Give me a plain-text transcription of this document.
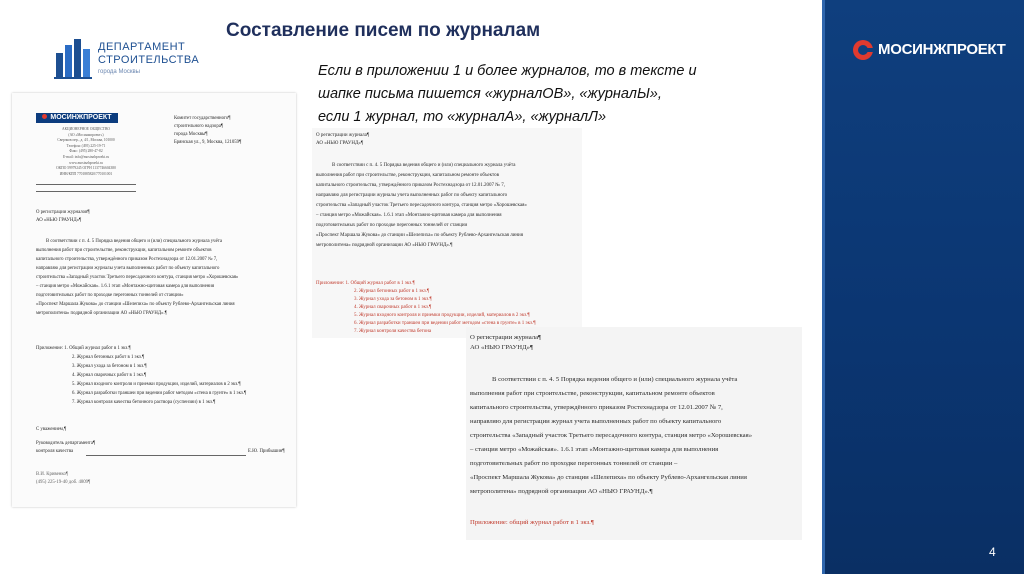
Составление писем по журналам
ДЕПАРТАМЕНТ
СТРОИТЕЛЬСТВА
города Москвы
МОСИНЖПРОЕКТ
4
Если в приложении 1 и более журналов, то в тексте и
шапке письма пишется «журналОВ», «журналЫ»,
если 1 журнал, то «журналА», «журналЛ»
МОСИНЖПРОЕКТ
АКЦИОНЕРНОЕ ОБЩЕСТВО
(АО «Мосинжпроект»)
Сверчков пер., д. 4/1, Москва, 101000
Телефон: (495) 225-19-71
Факс: (495) 280-47-82
E-mail: info@mosinzhproekt.ru
www.mosinzhproekt.ru
ОКПО 59979245 ОГРН 1137746604380
ИНН/КПП 7701885820/770101001
Комитет государственного¶
строительного надзора¶
города Москвы¶
Брянская ул., 9, Москва, 121059¶
О регистрации журналов¶
АО «НЬЮ ГРАУНД»¶
В соответствии с п. 4. 5 Порядка ведения общего и (или) специального журнала учёта
выполнения работ при строительстве, реконструкции, капитальном ремонте объектов
капитального строительства, утверждённого приказом Ростехнадзора от 12.01.2007 № 7,
направляю для регистрации журналы учета выполненных работ по объекту капитального
строительства «Западный участок Третьего пересадочного контура, станция метро «Хорошевская»
– станция метро «Можайская». 1.6.1 этап «Монтажно-щитовая камера для выполнения
подготовительных работ по проходке перегонных тоннелей от станции»
«Проспект Маршала Жукова» до станции «Шелепиха» по объекту Рублево-Архангельская линия
метрополитена» подрядной организации АО «НЬЮ ГРАУНД».¶
Приложение: 1. Общий журнал работ в 1 экз.¶
2. Журнал бетонных работ в 1 экз.¶
3. Журнал ухода за бетоном в 1 экз.¶
4. Журнал сварочных работ в 1 экз.¶
5. Журнал входного контроля и приемки продукции, изделий, материалов в 2 экз.¶
6. Журнал разработки траншеи при ведении работ методом «стена в грунте» в 1 экз.¶
7. Журнал контроля качества бетонного раствора (суспензии) в 1 экз.¶
С уважением,¶
Руководитель департамента¶
контроля качества	Е.Ю. Прибышин¶
В.И. Кривенко¶
(495) 225-19-40 доб. 4809¶
О регистрации журнала¶
АО «НЬЮ ГРАУНД»¶
В соответствии с п. 4. 5 Порядка ведения общего и (или) специального журнала учёта
выполнения работ при строительстве, реконструкции, капитальном ремонте объектов
капитального строительства, утверждённого приказом Ростехнадзора от 12.01.2007 № 7,
направляю для регистрации журналы учета выполненных работ по объекту капитального
строительства «Западный участок Третьего пересадочного контура, станция метро «Хорошевская»
– станция метро «Можайская». 1.6.1 этап «Монтажно-щитовая камера для выполнения
подготовительных работ по проходке перегонных тоннелей от станции
«Проспект Маршала Жукова» до станции «Шелепиха» по объекту Рублево-Архангельская линия
метрополитена» подрядной организации АО «НЬЮ ГРАУНД».¶
Приложение: 1. Общий журнал работ в 1 экз.¶
2. Журнал бетонных работ в 1 экз.¶
3. Журнал ухода за бетоном в 1 экз.¶
4. Журнал сварочных работ в 1 экз.¶
5. Журнал входного контроля и приемки продукции, изделий, материалов в 2 экз.¶
6. Журнал разработки траншеи при ведении работ методом «стена в грунте» в 1 экз.¶
7. Журнал контроля качества бетона
О регистрации журнала¶
АО «НЬЮ ГРАУНД»¶
В соответствии с п. 4. 5 Порядка ведения общего и (или) специального журнала учёта
выполнения работ при строительстве, реконструкции, капитальном ремонте объектов
капитального строительства, утверждённого приказом Ростехнадзора от 12.01.2007 № 7,
направляю для регистрации журнал учета выполненных работ по объекту капитального
строительства «Западный участок Третьего пересадочного контура, станция метро «Хорошевская»
– станция метро «Можайская». 1.6.1 этап «Монтажно-щитовая камера для выполнения
подготовительных работ по проходке перегонных тоннелей от станции –
«Проспект Маршала Жукова» до станции «Шелепиха» по объекту Рублево-Архангельская линия
метрополитена» подрядной организации АО «НЬЮ ГРАУНД».¶
Приложение: общий журнал работ в 1 экз.¶
